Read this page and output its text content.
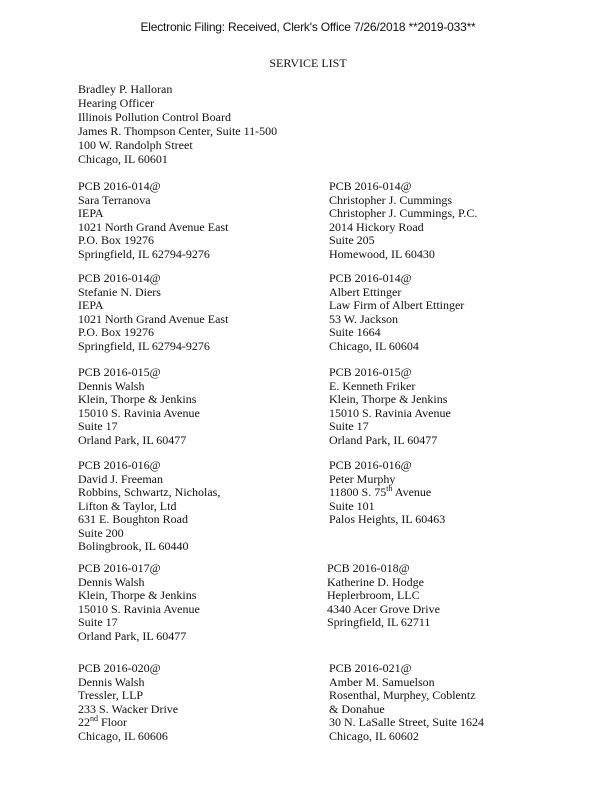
Electronic Filing: Received, Clerk's Office 7/26/2018 **2019-033**
SERVICE LIST
Bradley P. Halloran
Hearing Officer
Illinois Pollution Control Board
James R. Thompson Center, Suite 11-500
100 W. Randolph Street
Chicago, IL 60601
PCB 2016-014@
Sara Terranova
IEPA
1021 North Grand Avenue East
P.O. Box 19276
Springfield, IL 62794-9276
PCB 2016-014@
Christopher J. Cummings
Christopher J. Cummings, P.C.
2014 Hickory Road
Suite 205
Homewood, IL 60430
PCB 2016-014@
Stefanie N. Diers
IEPA
1021 North Grand Avenue East
P.O. Box 19276
Springfield, IL 62794-9276
PCB 2016-014@
Albert Ettinger
Law Firm of Albert Ettinger
53 W. Jackson
Suite 1664
Chicago, IL 60604
PCB 2016-015@
Dennis Walsh
Klein, Thorpe & Jenkins
15010 S. Ravinia Avenue
Suite 17
Orland Park, IL 60477
PCB 2016-015@
E. Kenneth Friker
Klein, Thorpe & Jenkins
15010 S. Ravinia Avenue
Suite 17
Orland Park, IL 60477
PCB 2016-016@
David J. Freeman
Robbins, Schwartz, Nicholas,
Lifton & Taylor, Ltd
631 E. Boughton Road
Suite 200
Bolingbrook, IL 60440
PCB 2016-016@
Peter Murphy
11800 S. 75th Avenue
Suite 101
Palos Heights, IL 60463
PCB 2016-017@
Dennis Walsh
Klein, Thorpe & Jenkins
15010 S. Ravinia Avenue
Suite 17
Orland Park, IL 60477
PCB 2016-018@
Katherine D. Hodge
Heplerbroom, LLC
4340 Acer Grove Drive
Springfield, IL 62711
PCB 2016-020@
Dennis Walsh
Tressler, LLP
233 S. Wacker Drive
22nd Floor
Chicago, IL 60606
PCB 2016-021@
Amber M. Samuelson
Rosenthal, Murphey, Coblentz
& Donahue
30 N. LaSalle Street, Suite 1624
Chicago, IL 60602
